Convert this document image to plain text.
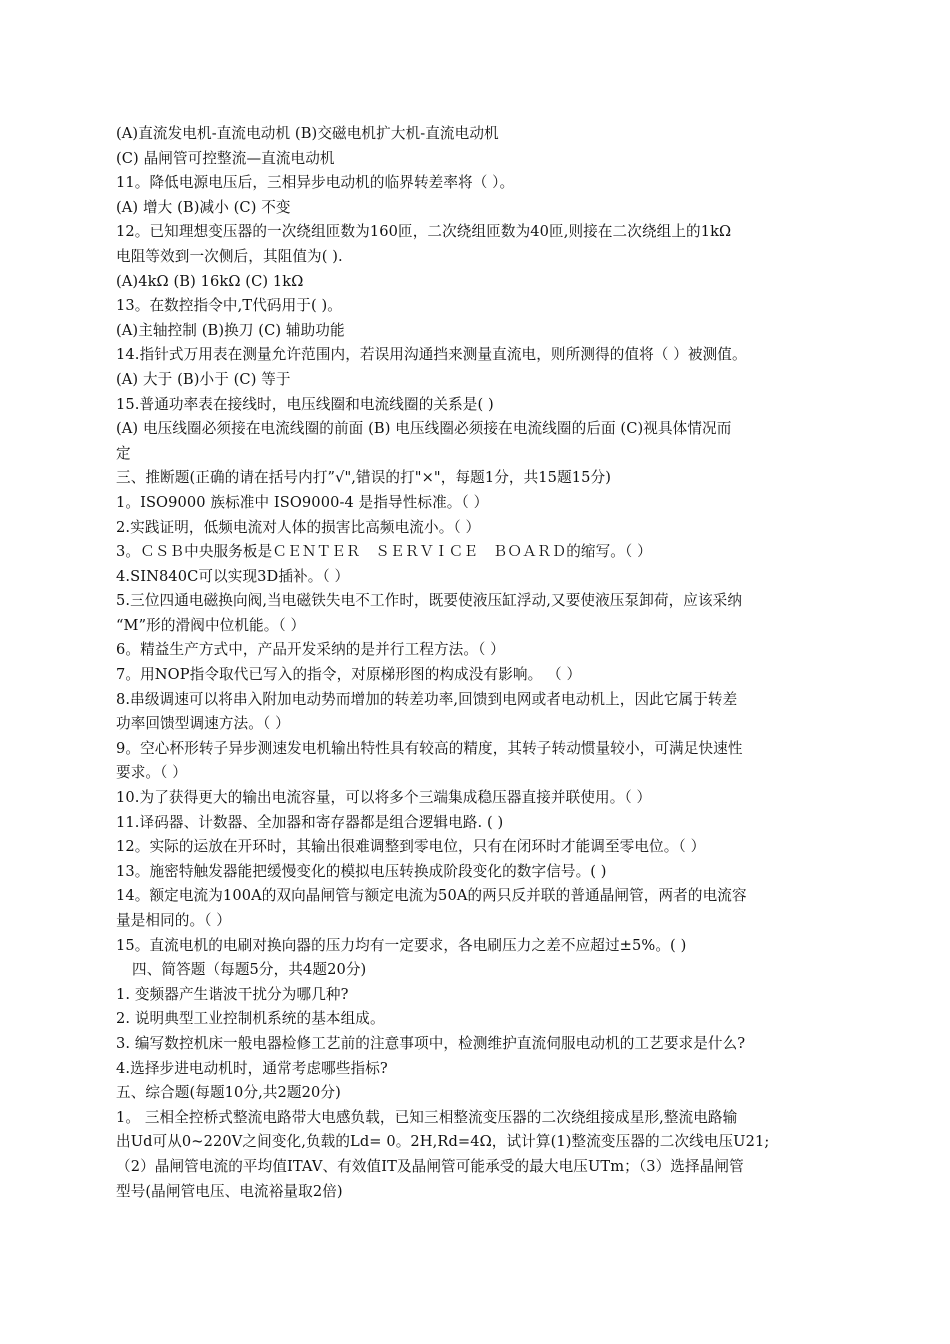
(A)直流发电机-直流电动机 (B)交磁电机扩大机-直流电动机
(C) 晶闸管可控整流—直流电动机
11。降低电源电压后，三相异步电动机的临界转差率将（ ）。
(A) 增大 (B)减小 (C) 不变
12。已知理想变压器的一次绕组匝数为160匝，二次绕组匝数为40匝,则接在二次绕组上的1kΩ
电阻等效到一次侧后，其阻值为( ).
(A)4kΩ (B) 16kΩ (C) 1kΩ
13。在数控指令中,T代码用于( )。
(A)主轴控制 (B)换刀 (C) 辅助功能
14.指针式万用表在测量允许范围内，若误用沟通挡来测量直流电，则所测得的值将（ ）被测值。
(A) 大于 (B)小于 (C) 等于
15.普通功率表在接线时，电压线圈和电流线圈的关系是( )
(A) 电压线圈必须接在电流线圈的前面 (B) 电压线圈必须接在电流线圈的后面 (C)视具体情况而
定
三、推断题(正确的请在括号内打”√",错误的打"×"，每题1分，共15题15分)
1。ISO9000 族标准中 ISO9000-4 是指导性标准。（ ）
2.实践证明，低频电流对人体的损害比高频电流小。（ ）
3。ＣＳＢ中央服务板是ＣＥＮＴＥＲ　ＳＥＲＶＩＣＥ　ＢＯＡＲＤ的缩写。（ ）
4.SIN840C可以实现3D插补。（ ）
5.三位四通电磁换向阀,当电磁铁失电不工作时，既要使液压缸浮动,又要使液压泵卸荷，应该采纳
“M”形的滑阀中位机能。（ ）
6。精益生产方式中，产品开发采纳的是并行工程方法。（ ）
7。用NOP指令取代已写入的指令，对原梯形图的构成没有影响。 （ ）
8.串级调速可以将串入附加电动势而增加的转差功率,回馈到电网或者电动机上，因此它属于转差
功率回馈型调速方法。（ ）
9。空心杯形转子异步测速发电机输出特性具有较高的精度，其转子转动惯量较小，可满足快速性
要求。（ ）
10.为了获得更大的输出电流容量，可以将多个三端集成稳压器直接并联使用。（ ）
11.译码器、计数器、全加器和寄存器都是组合逻辑电路. ( )
12。实际的运放在开环时，其输出很难调整到零电位，只有在闭环时才能调至零电位。（ ）
13。施密特触发器能把缓慢变化的模拟电压转换成阶段变化的数字信号。( )
14。额定电流为100A的双向晶闸管与额定电流为50A的两只反并联的普通晶闸管，两者的电流容
量是相同的。（ ）
15。直流电机的电刷对换向器的压力均有一定要求，各电刷压力之差不应超过±5%。( )
四、简答题（每题5分，共4题20分)
1. 变频器产生谐波干扰分为哪几种?
2. 说明典型工业控制机系统的基本组成。
3. 编写数控机床一般电器检修工艺前的注意事项中，检测维护直流伺服电动机的工艺要求是什么?
4.选择步进电动机时，通常考虑哪些指标?
五、综合题(每题10分,共2题20分)
1。 三相全控桥式整流电路带大电感负载，已知三相整流变压器的二次绕组接成星形,整流电路输
出Ud可从0~220V之间变化,负载的Ld= 0。2H,Rd=4Ω，试计算(1)整流变压器的二次线电压U21;
（2）晶闸管电流的平均值ITAV、有效值IT及晶闸管可能承受的最大电压UTm；（3）选择晶闸管
型号(晶闸管电压、电流裕量取2倍)
